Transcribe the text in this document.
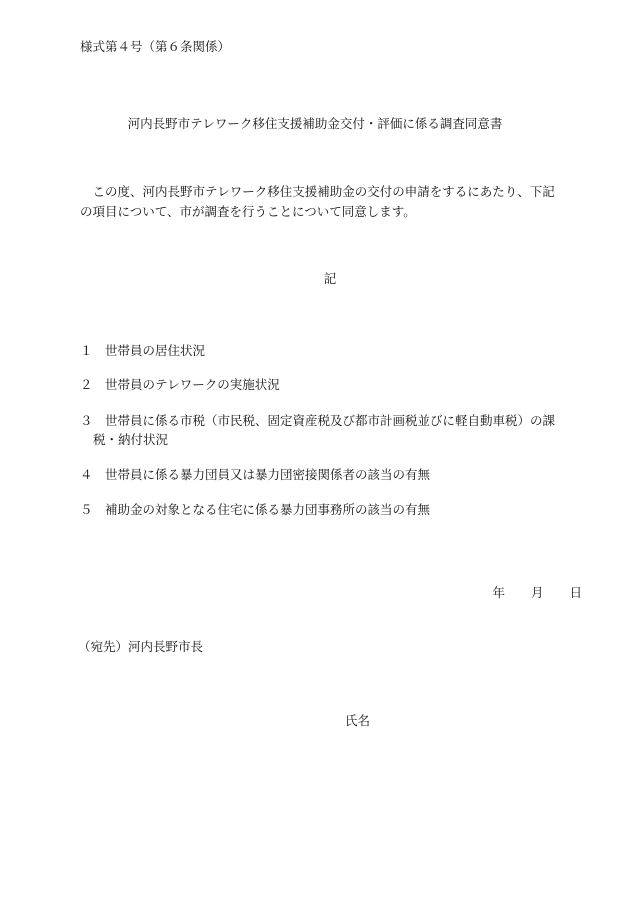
様式第４号（第６条関係）
河内長野市テレワーク移住支援補助金交付・評価に係る調査同意書
　この度、河内長野市テレワーク移住支援補助金の交付の申請をするにあたり、下記
の項目について、市が調査を行うことについて同意します。
記
１ 世帯員の居住状況
２ 世帯員のテレワークの実施状況
３ 世帯員に係る市税（市民税、固定資産税及び都市計画税並びに軽自動車税）の課
税・納付状況
４ 世帯員に係る暴力団員又は暴力団密接関係者の該当の有無
５ 補助金の対象となる住宅に係る暴力団事務所の該当の有無
年 月 日
（宛先）河内長野市長
氏名
